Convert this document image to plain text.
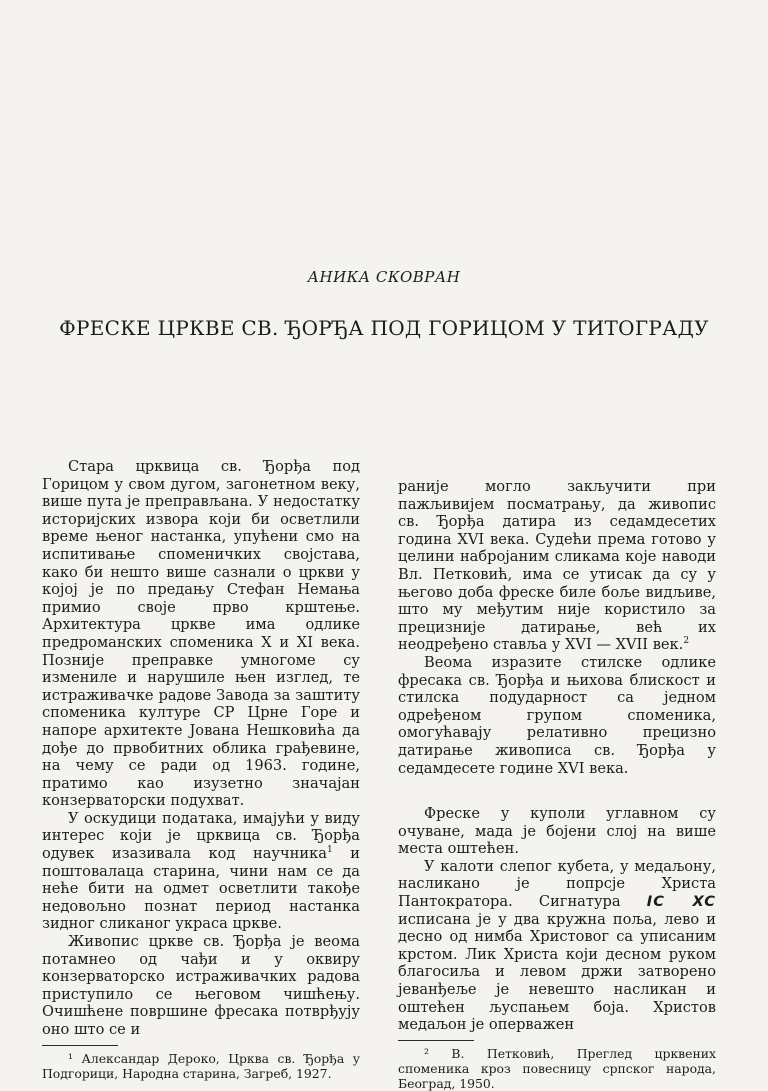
АНИКА СКОВРАН
ФРЕСКЕ ЦРКВЕ СВ. ЂОРЂА ПОД ГОРИЦОМ У ТИТОГРАДУ

Стара црквица св. Ђорђа под Горицом у свом дугом, загонетном веку, више пута је преправљана. У недостатку историјских извора који би осветлили време њеног настанка, упућени смо на испитивање споменичких својстава, како би нешто више сазнали о цркви у којој је по предању Стефан Немања примио своје прво крштење. Архитектура цркве има одлике предроманских споменика X и XI века. Позније преправке умногоме су измениле и нарушиле њен изглед, те истраживачке радове Завода за заштиту споменика културе СР Црне Горе и напоре архитекте Јована Нешковића да дође до првобитних облика грађевине, на чему се ради од 1963. године, пратимо као изузетно значајан конзерваторски подухват.

У оскудици података, имајући у виду интерес који је црквица св. Ђорђа одувек изазивала код научника$^1$ и поштовалаца старина, чини нам се да неће бити на одмет осветлити такође недовољно познат период настанка зидног сликаног украса цркве.

Живопис цркве св. Ђорђа је веома потамнео од чађи и у оквиру конзерваторско истраживачких радова приступило се његовом чишћењу. Очишћене површине фресака потврђују оно што се и

¹ Александар Дероко, Црква св. Ђорђа у Подгорици, Народна старина, Загреб, 1927.

раније могло закључити при пажљивијем посматрању, да живопис св. Ђорђа датира из седамдесетих година XVI века. Судећи према готово у целини набројаним сликама које наводи Вл. Петковић, има се утисак да су у његово доба фреске биле боље видљиве, што му међутим није користило за прецизније датирање, већ их неодређено ставља у XVI — XVII век.$^2$

Веома изразите стилске одлике фресака св. Ђорђа и њихова блискост и стилска подударност са једном одређеном групом споменика, омогућавају релативно прецизно датирање живописа св. Ђорђа у седамдесете године XVI века.

Фреске у куполи углавном су очуване, мада је бојени слој на више места оштећен.

У калоти слепог кубета, у медаљону, насликано је попрсје Христа Пантократора. Сигнатура IC XC исписана је у два кружна поља, лево и десно од нимба Христовог са уписаним крстом. Лик Христа који десном руком благосиља и левом држи затворено јеванђеље је невешто насликан и оштећен љуспањем боја. Христов медаљон је оперважен

² В. Петковић, Преглед црквених споменика кроз повесницу српског народа, Београд, 1950.
